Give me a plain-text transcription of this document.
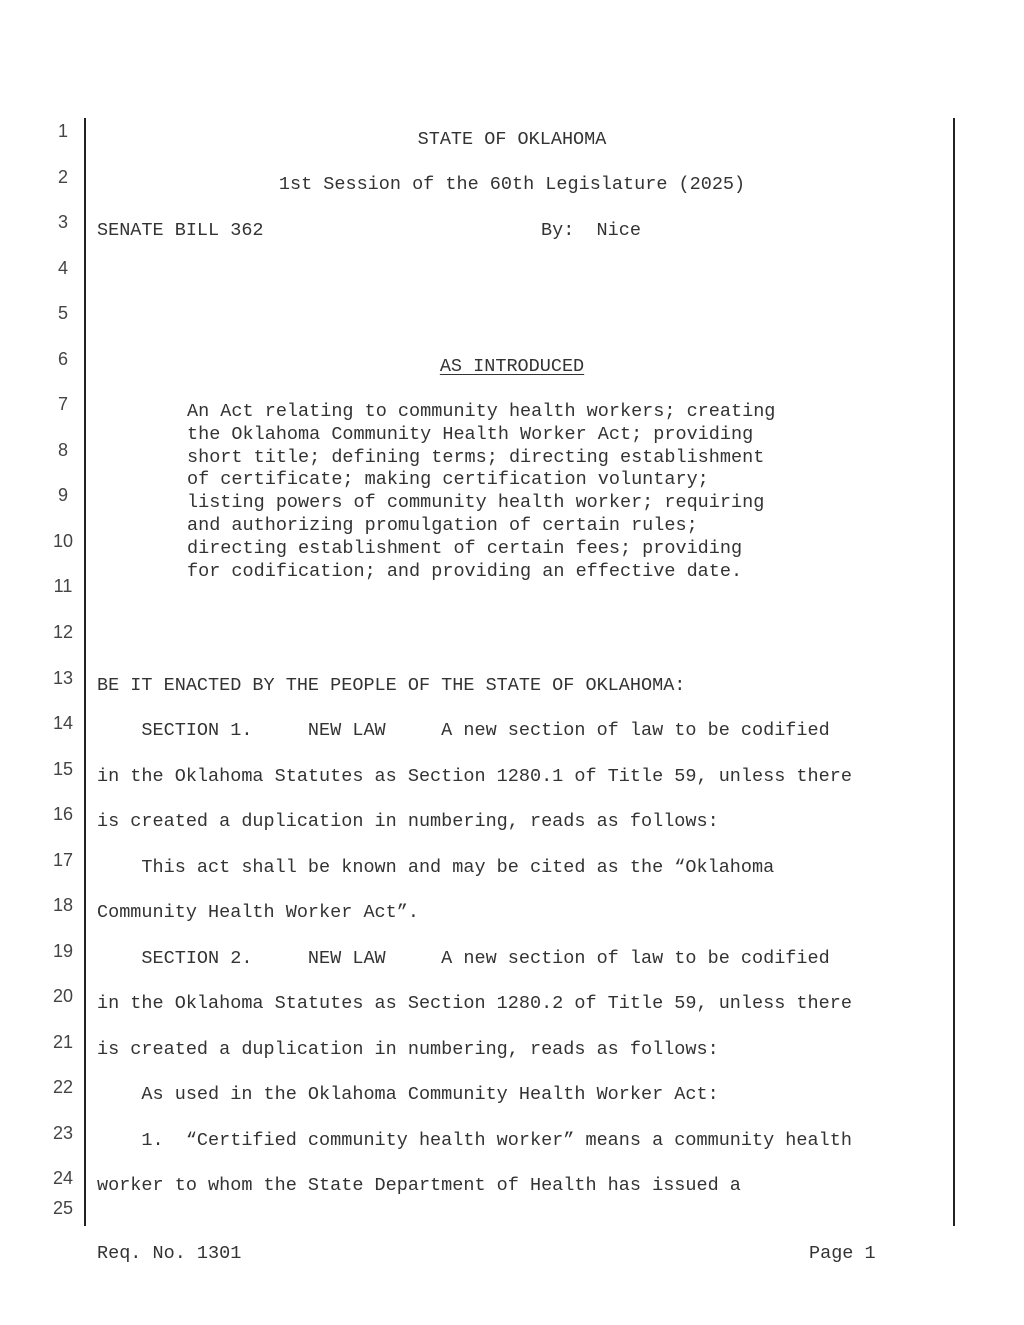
1
2
3
4
5
6
7
8
9
10
11
12
13
14
15
16
17
18
19
20
21
22
23
24
25
STATE OF OKLAHOMA
1st Session of the 60th Legislature (2025)
SENATE BILL 362	By:  Nice
AS INTRODUCED
An Act relating to community health workers; creating
the Oklahoma Community Health Worker Act; providing
short title; defining terms; directing establishment
of certificate; making certification voluntary;
listing powers of community health worker; requiring
and authorizing promulgation of certain rules;
directing establishment of certain fees; providing
for codification; and providing an effective date.
BE IT ENACTED BY THE PEOPLE OF THE STATE OF OKLAHOMA:
SECTION 1.     NEW LAW     A new section of law to be codified
in the Oklahoma Statutes as Section 1280.1 of Title 59, unless there
is created a duplication in numbering, reads as follows:
This act shall be known and may be cited as the “Oklahoma
Community Health Worker Act”.
SECTION 2.     NEW LAW     A new section of law to be codified
in the Oklahoma Statutes as Section 1280.2 of Title 59, unless there
is created a duplication in numbering, reads as follows:
As used in the Oklahoma Community Health Worker Act:
1.  “Certified community health worker” means a community health
worker to whom the State Department of Health has issued a
Req. No. 1301	Page 1
